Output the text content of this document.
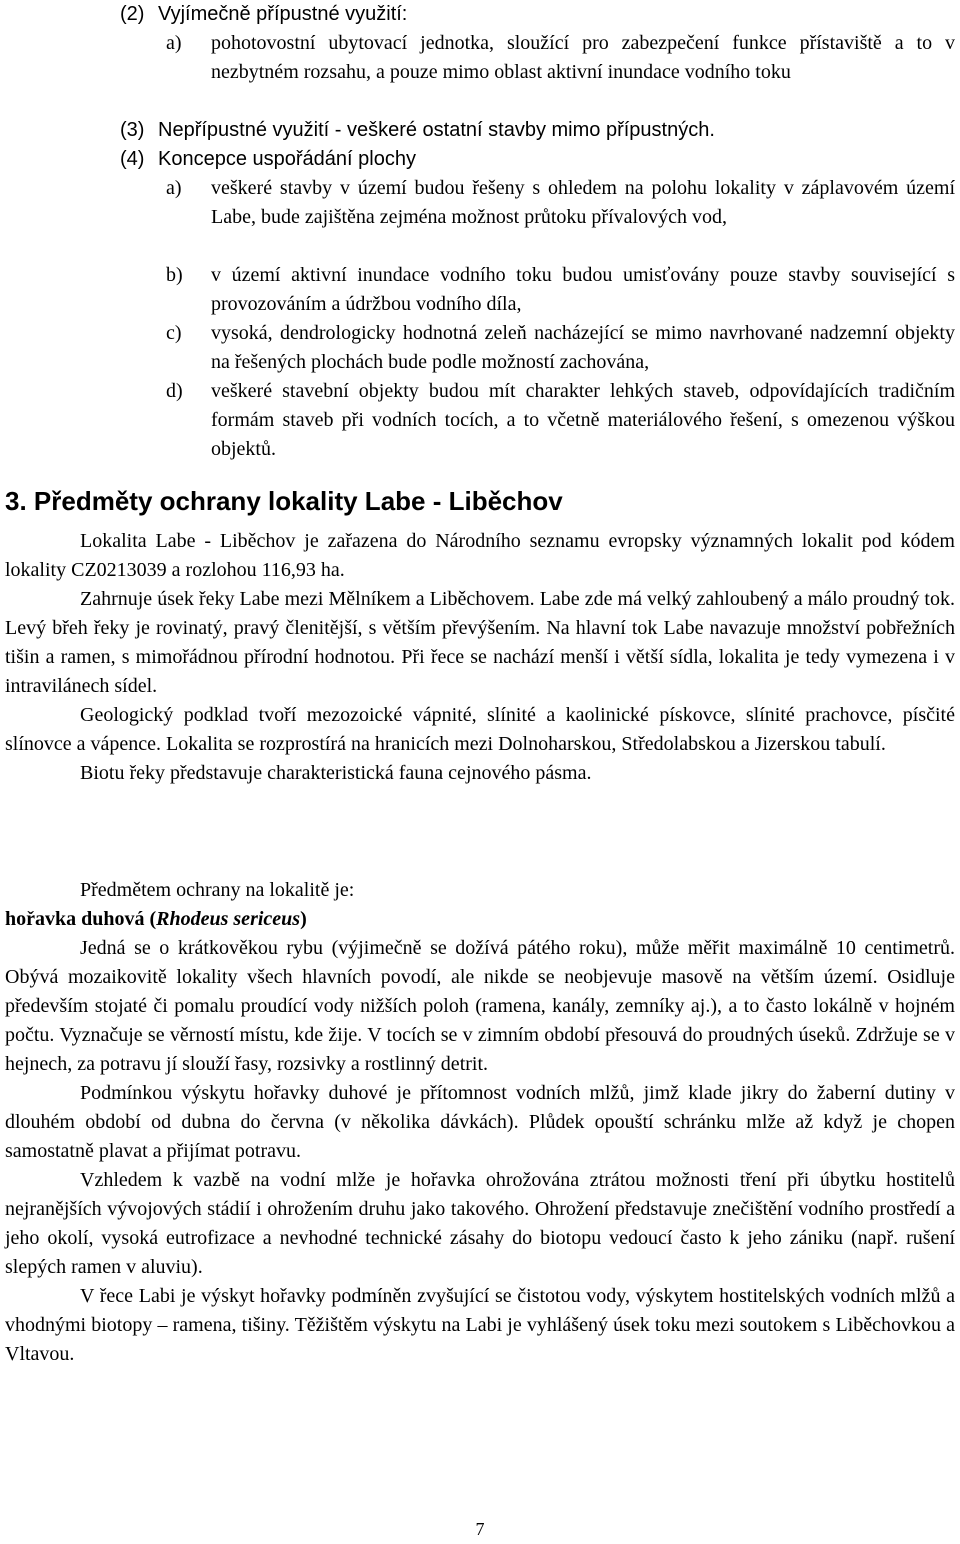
(2) Vyjímečně přípustné využití:
a) pohotovostní ubytovací jednotka, sloužící pro zabezpečení funkce přístaviště a to v nezbytném rozsahu, a pouze mimo oblast aktivní inundace vodního toku
(3) Nepřípustné využití - veškeré ostatní stavby mimo přípustných.
(4) Koncepce uspořádání plochy
a) veškeré stavby v území budou řešeny s ohledem na polohu lokality v záplavovém území Labe, bude zajištěna zejména možnost průtoku přívalových vod,
b) v území aktivní inundace vodního toku budou umisťovány pouze stavby související s provozováním a údržbou vodního díla,
c) vysoká, dendrologicky hodnotná zeleň nacházející se mimo navrhované nadzemní objekty na řešených plochách bude podle možností zachována,
d) veškeré stavební objekty budou mít charakter lehkých staveb, odpovídajících tradičním formám staveb při vodních tocích, a to včetně materiálového řešení, s omezenou výškou objektů.
3. Předměty ochrany lokality Labe - Liběchov

Lokalita Labe - Liběchov je zařazena do Národního seznamu evropsky významných lokalit pod kódem lokality CZ0213039 a rozlohou 116,93 ha.

Zahrnuje úsek řeky Labe mezi Mělníkem a Liběchovem. Labe zde má velký zahloubený a málo proudný tok. Levý břeh řeky je rovinatý, pravý členitější, s větším převýšením. Na hlavní tok Labe navazuje množství pobřežních tišin a ramen, s mimořádnou přírodní hodnotou. Při řece se nachází menší i větší sídla, lokalita je tedy vymezena i v intravilánech sídel.

Geologický podklad tvoří mezozoické vápnité, slínité a kaolinické pískovce, slínité prachovce, písčité slínovce a vápence. Lokalita se rozprostírá na hranicích mezi Dolnoharskou, Středolabskou a Jizerskou tabulí.

Biotu řeky představuje charakteristická fauna cejnového pásma.

Předmětem ochrany na lokalitě je:
hořavka duhová (Rhodeus sericeus)

Jedná se o krátkověkou rybu (výjimečně se dožívá pátého roku), může měřit maximálně 10 centimetrů. Obývá mozaikovitě lokality všech hlavních povodí, ale nikde se neobjevuje masově na větším území. Osidluje především stojaté či pomalu proudící vody nižších poloh (ramena, kanály, zemníky aj.), a to často lokálně v hojném počtu. Vyznačuje se věrností místu, kde žije. V tocích se v zimním období přesouvá do proudných úseků. Zdržuje se v hejnech, za potravu jí slouží řasy, rozsivky a rostlinný detrit.

Podmínkou výskytu hořavky duhové je přítomnost vodních mlžů, jimž klade jikry do žaberní dutiny v dlouhém období od dubna do června (v několika dávkách). Plůdek opouští schránku mlže až když je chopen samostatně plavat a přijímat potravu.

Vzhledem k vazbě na vodní mlže je hořavka ohrožována ztrátou možnosti tření při úbytku hostitelů nejranějších vývojových stádií i ohrožením druhu jako takového. Ohrožení představuje znečištění vodního prostředí a jeho okolí, vysoká eutrofizace a nevhodné technické zásahy do biotopu vedoucí často k jeho zániku (např. rušení slepých ramen v aluviu).

V řece Labi je výskyt hořavky podmíněn zvyšující se čistotou vody, výskytem hostitelských vodních mlžů a vhodnými biotopy – ramena, tišiny. Těžištěm výskytu na Labi je vyhlášený úsek toku mezi soutokem s Liběchovkou a Vltavou.

7
